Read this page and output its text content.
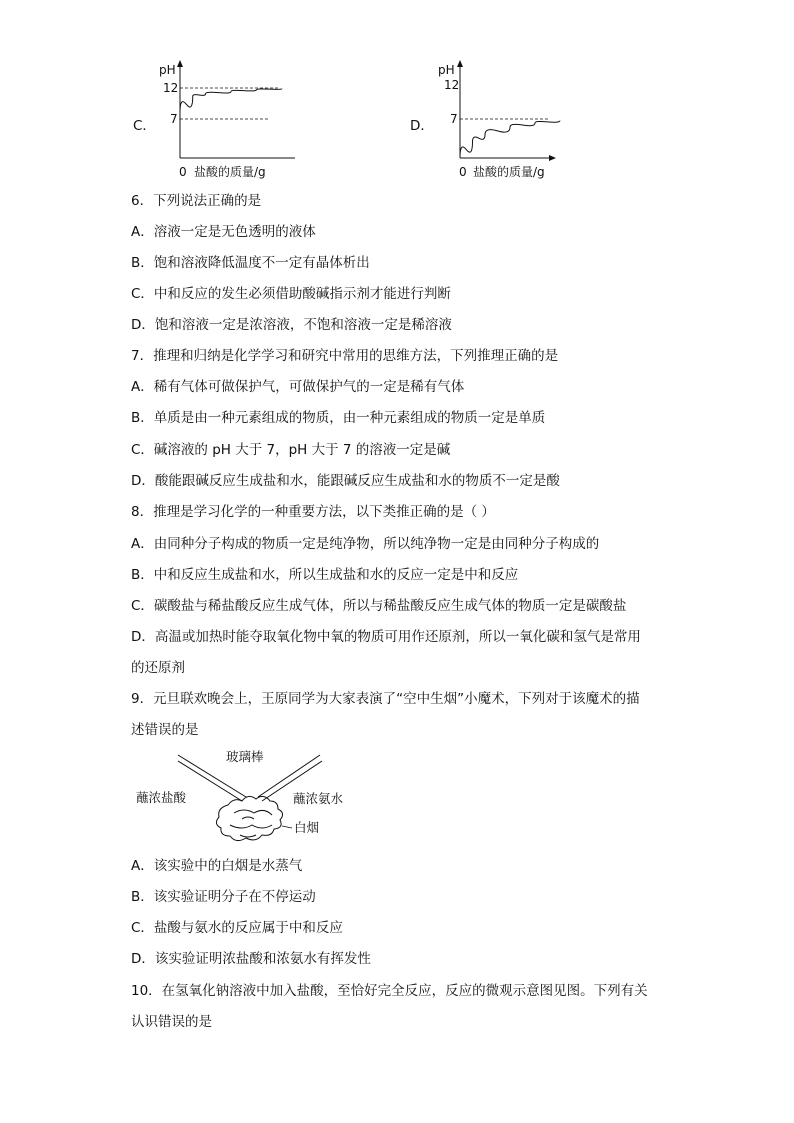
C．
pH
12
7
0 盐酸的质量/g
D．
pH
12
7
0 盐酸的质量/g
6．下列说法正确的是
A．溶液一定是无色透明的液体
B．饱和溶液降低温度不一定有晶体析出
C．中和反应的发生必须借助酸碱指示剂才能进行判断
D．饱和溶液一定是浓溶液，不饱和溶液一定是稀溶液
7．推理和归纳是化学学习和研究中常用的思维方法，下列推理正确的是
A．稀有气体可做保护气，可做保护气的一定是稀有气体
B．单质是由一种元素组成的物质，由一种元素组成的物质一定是单质
C．碱溶液的 pH 大于 7，pH 大于 7 的溶液一定是碱
D．酸能跟碱反应生成盐和水，能跟碱反应生成盐和水的物质不一定是酸
8．推理是学习化学的一种重要方法，以下类推正确的是（ ）
A．由同种分子构成的物质一定是纯净物，所以纯净物一定是由同种分子构成的
B．中和反应生成盐和水，所以生成盐和水的反应一定是中和反应
C．碳酸盐与稀盐酸反应生成气体，所以与稀盐酸反应生成气体的物质一定是碳酸盐
D．高温或加热时能夺取氧化物中氧的物质可用作还原剂，所以一氧化碳和氢气是常用
的还原剂
9．元旦联欢晚会上，王原同学为大家表演了“空中生烟”小魔术，下列对于该魔术的描
述错误的是
玻璃棒
蘸浓盐酸	蘸浓氨水
白烟
A．该实验中的白烟是水蒸气
B．该实验证明分子在不停运动
C．盐酸与氨水的反应属于中和反应
D．该实验证明浓盐酸和浓氨水有挥发性
10．在氢氧化钠溶液中加入盐酸，至恰好完全反应，反应的微观示意图见图。下列有关
认识错误的是
